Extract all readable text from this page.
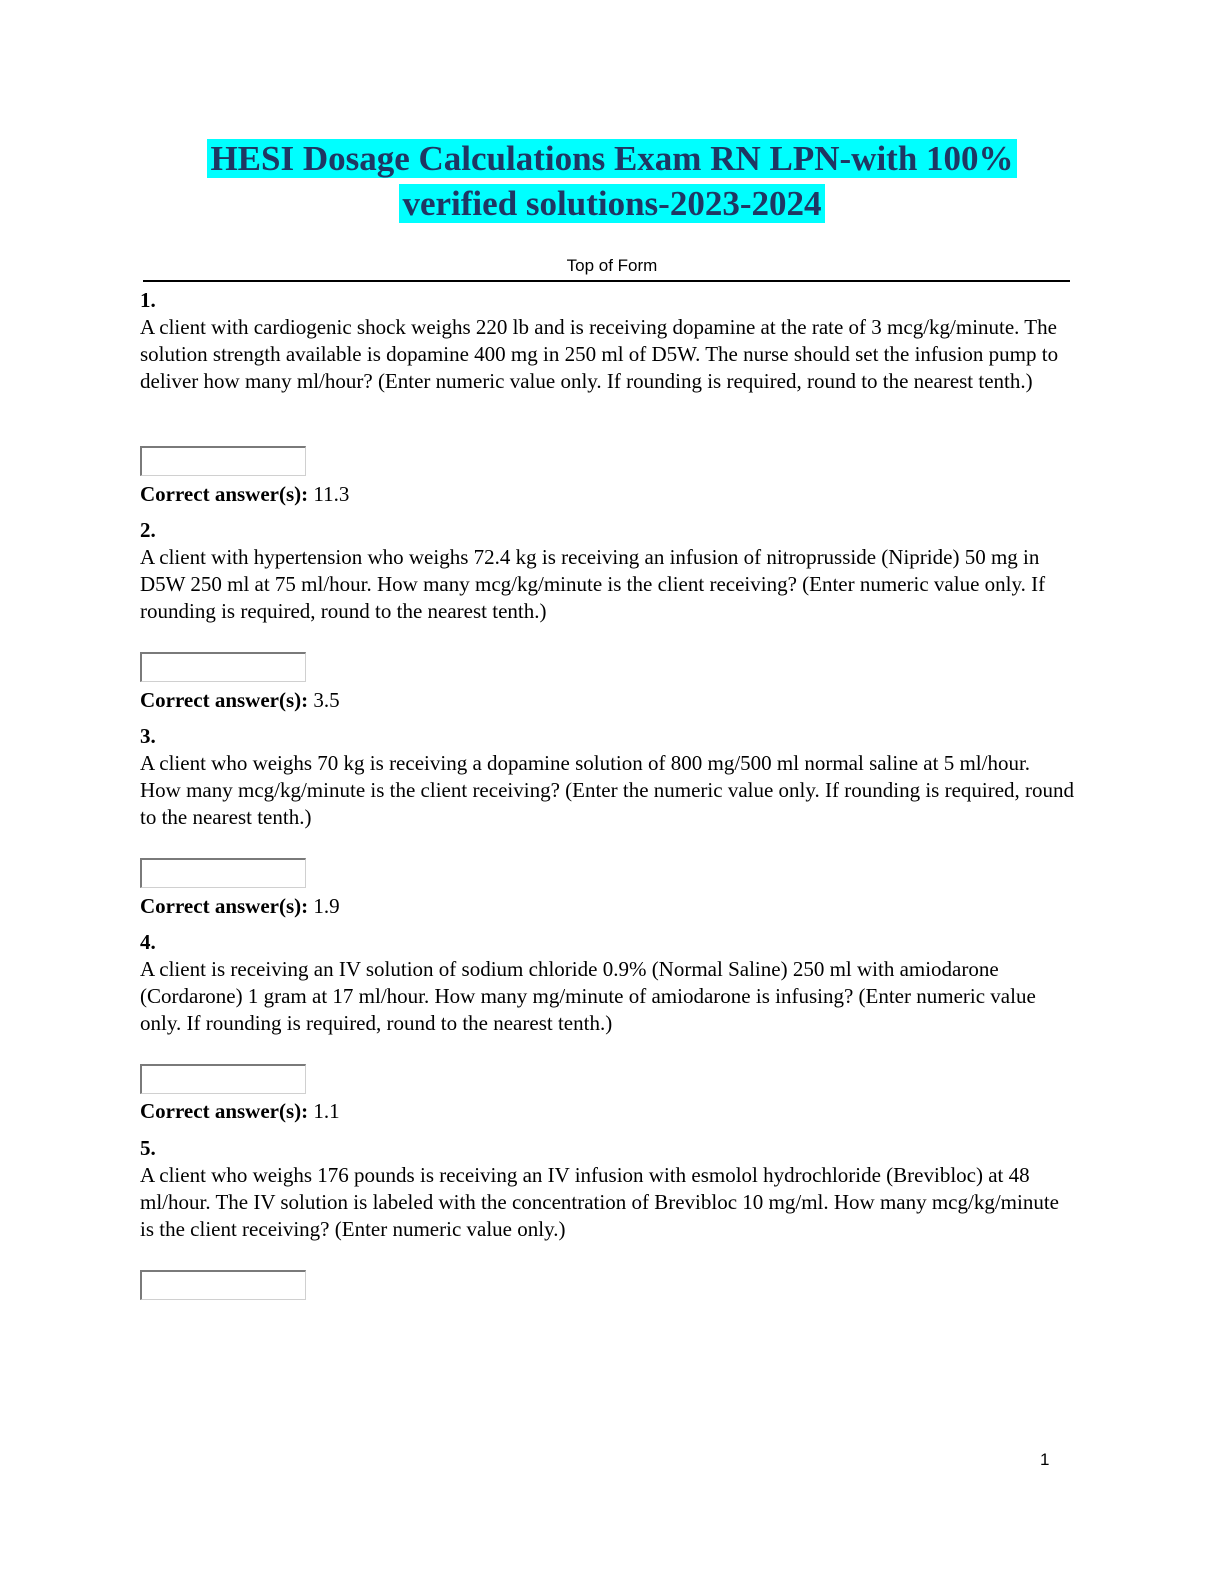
HESI Dosage Calculations Exam RN LPN-with 100%
verified solutions-2023-2024
Top of Form
1.
A client with cardiogenic shock weighs 220 lb and is receiving dopamine at the rate of 3 mcg/kg/minute. The solution strength available is dopamine 400 mg in 250 ml of D5W. The nurse should set the infusion pump to deliver how many ml/hour? (Enter numeric value only. If rounding is required, round to the nearest tenth.)
Correct answer(s): 11.3
2.
A client with hypertension who weighs 72.4 kg is receiving an infusion of nitroprusside (Nipride) 50 mg in D5W 250 ml at 75 ml/hour. How many mcg/kg/minute is the client receiving? (Enter numeric value only. If rounding is required, round to the nearest tenth.)
Correct answer(s): 3.5
3.
A client who weighs 70 kg is receiving a dopamine solution of 800 mg/500 ml normal saline at 5 ml/hour. How many mcg/kg/minute is the client receiving? (Enter the numeric value only. If rounding is required, round to the nearest tenth.)
Correct answer(s): 1.9
4.
A client is receiving an IV solution of sodium chloride 0.9% (Normal Saline) 250 ml with amiodarone (Cordarone) 1 gram at 17 ml/hour. How many mg/minute of amiodarone is infusing? (Enter numeric value only. If rounding is required, round to the nearest tenth.)
Correct answer(s): 1.1
5.
A client who weighs 176 pounds is receiving an IV infusion with esmolol hydrochloride (Brevibloc) at 48 ml/hour. The IV solution is labeled with the concentration of Brevibloc 10 mg/ml. How many mcg/kg/minute is the client receiving? (Enter numeric value only.)
1
